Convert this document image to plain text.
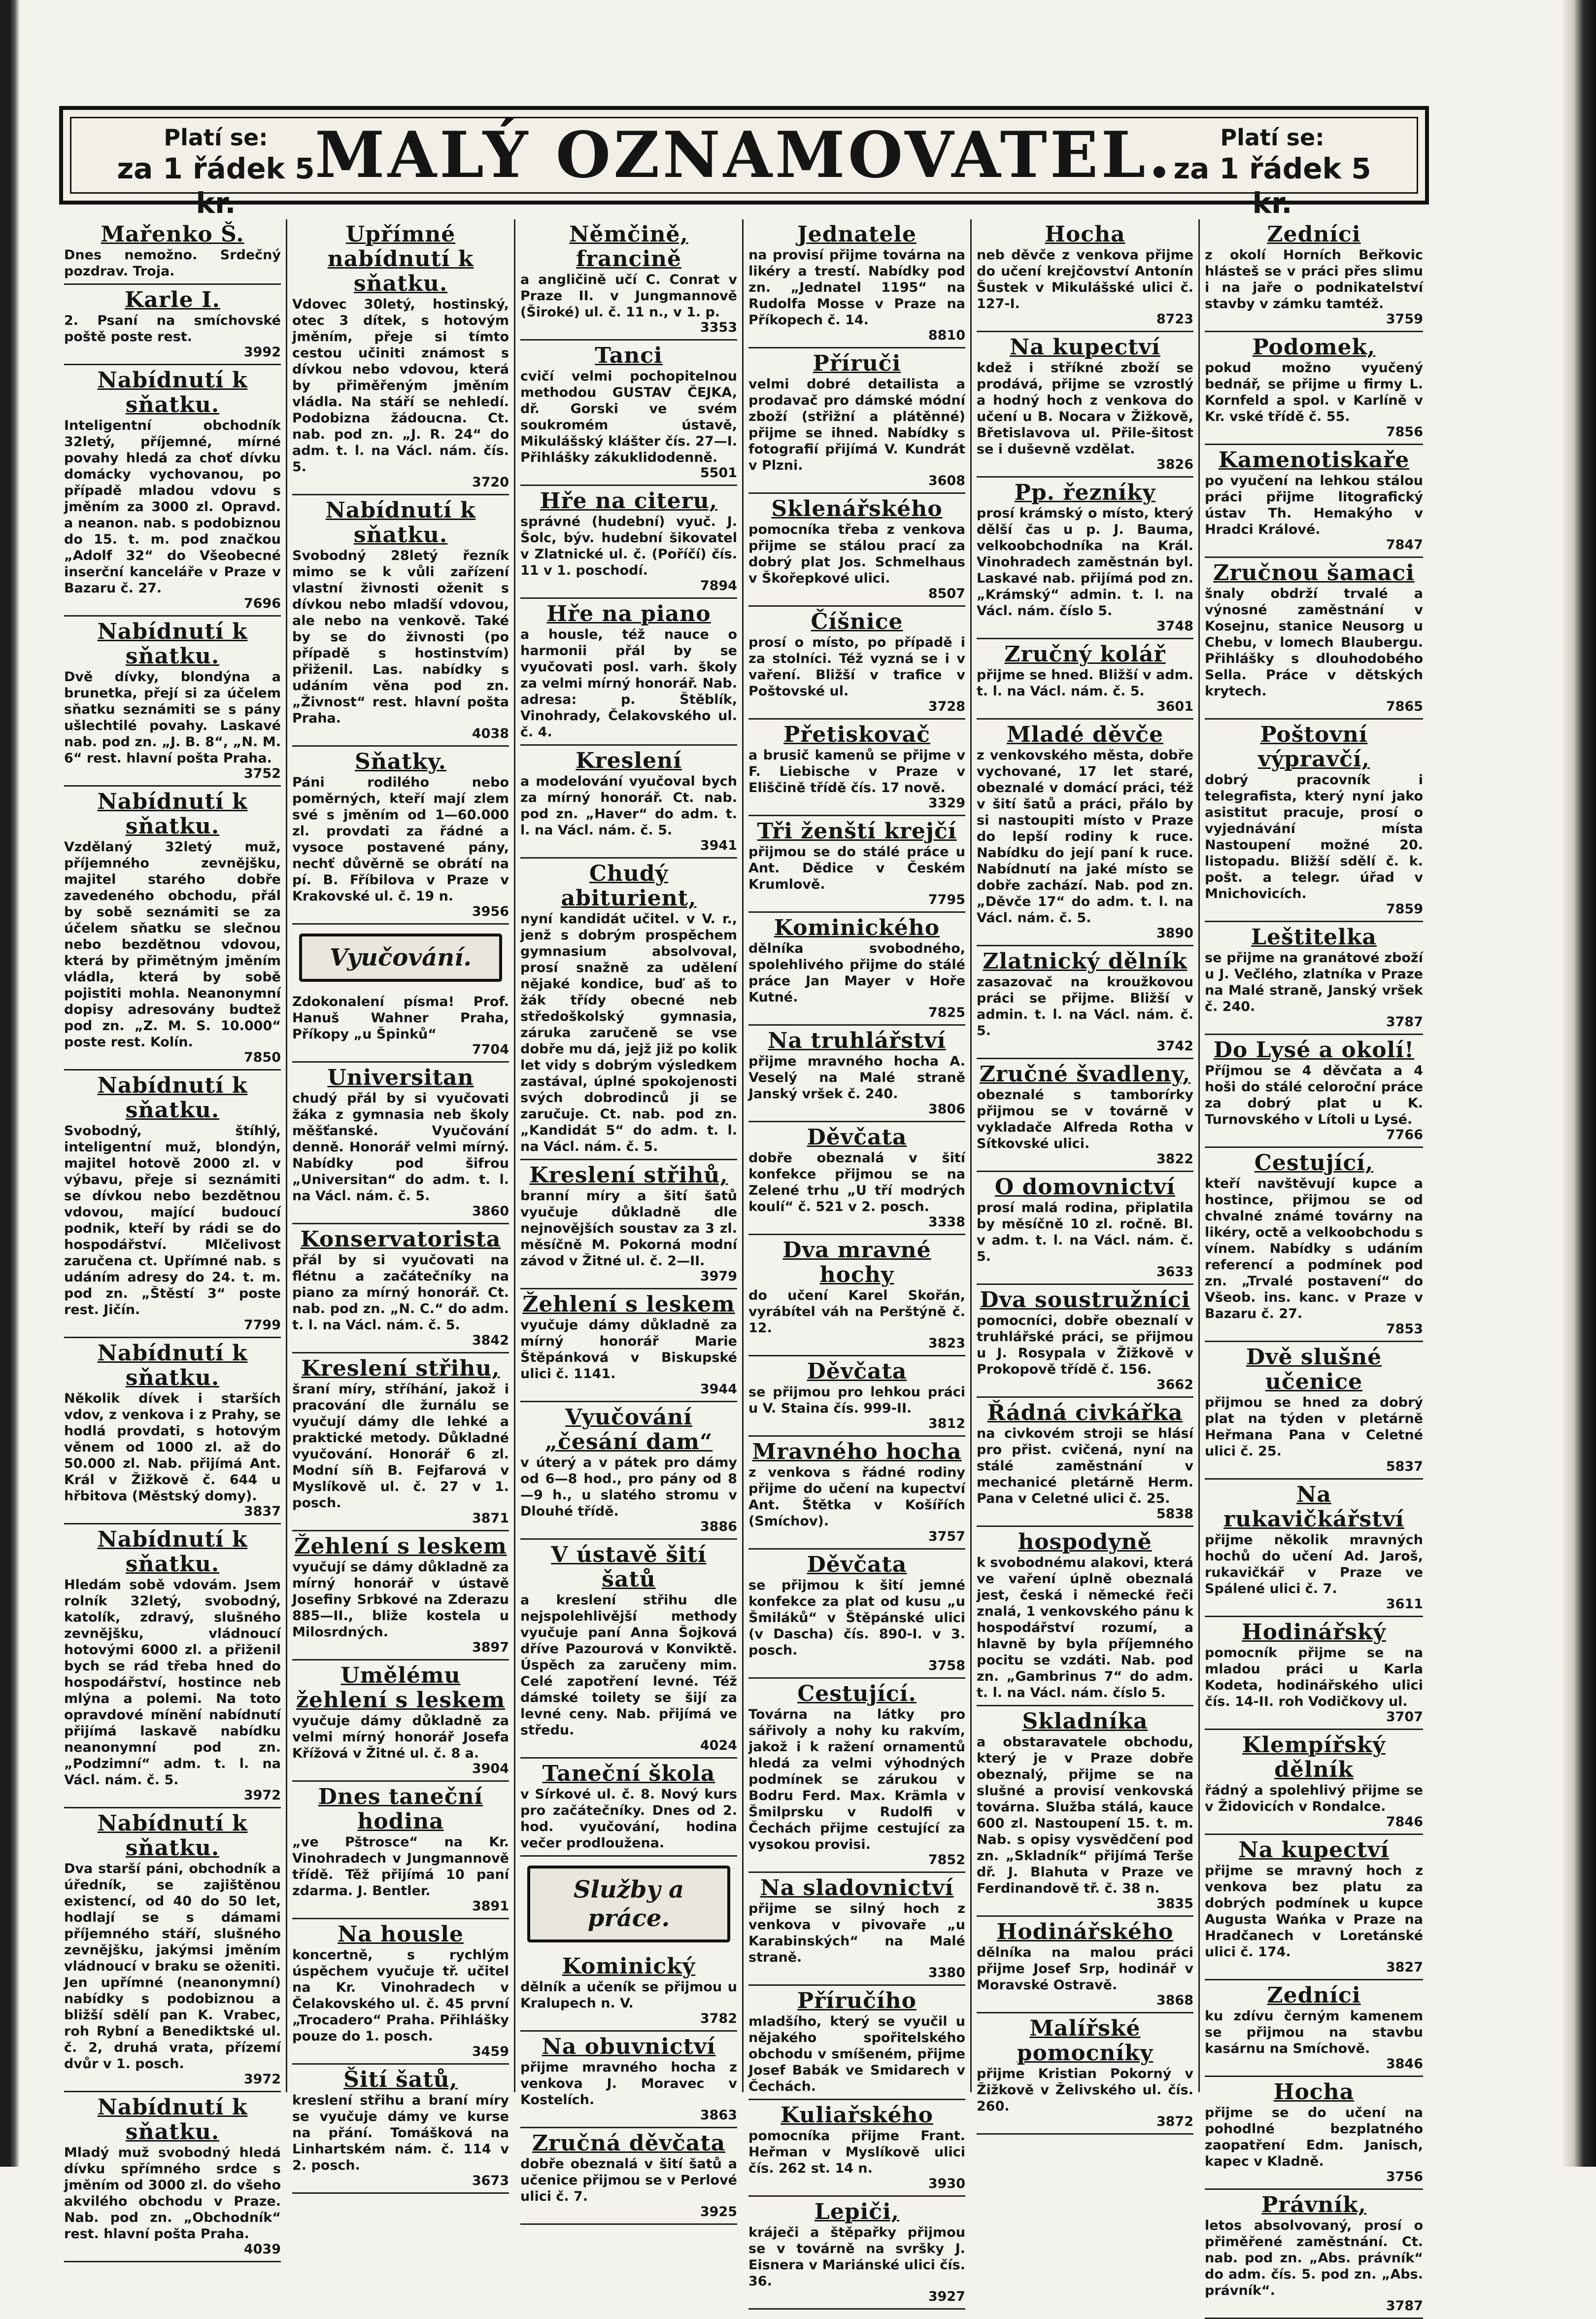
Platí se:
za 1 řádek 5 kr.
MALÝ OZNAMOVATEL.	Platí se:
za 1 řádek 5 kr.
Mařenko Š.
Dnes nemožno. Srdečný pozdrav. Troja.
Karle I.
2. Psaní na smíchovské poště poste rest.
3992
Nabídnutí k sňatku.
Inteligentní obchodník 32letý, příjemné, mírné povahy hledá za choť dívku domácky vychovanou, po případě mladou vdovu s jměním za 3000 zl. Opravd. a neanon. nab. s podobiznou do 15. t. m. pod značkou „Adolf 32“ do Všeobecné inserční kanceláře v Praze v Bazaru č. 27.
7696
Nabídnutí k sňatku.
Dvě dívky, blondýna a brunetka, přejí si za účelem sňatku seznámiti se s pány ušlechtilé povahy. Laskavé nab. pod zn. „J. B. 8“, „N. M. 6“ rest. hlavní pošta Praha.
3752
Nabídnutí k sňatku.
Vzdělaný 32letý muž, příjemného zevnějšku, majitel starého dobře zavedeného obchodu, přál by sobě seznámiti se za účelem sňatku se slečnou nebo bezdětnou vdovou, která by přimětným jměním vládla, která by sobě pojistiti mohla. Neanonymní dopisy adresovány budtež pod zn. „Z. M. S. 10.000“ poste rest. Kolín.
7850
Nabídnutí k sňatku.
Svobodný, štíhlý, inteligentní muž, blondýn, majitel hotově 2000 zl. v výbavu, přeje si seznámiti se dívkou nebo bezdětnou vdovou, mající budoucí podnik, kteří by rádi se do hospodářství. Mlčelivost zaručena ct. Upřímné nab. s udáním adresy do 24. t. m. pod zn. „Štěstí 3“ poste rest. Jičín.
7799
Nabídnutí k sňatku.
Několik dívek i starších vdov, z venkova i z Prahy, se hodlá provdati, s hotovým věnem od 1000 zl. až do 50.000 zl. Nab. přijímá Ant. Král v Žižkově č. 644 u hřbitova (Městský domy).
3837
Nabídnutí k sňatku.
Hledám sobě vdovám. Jsem rolník 32letý, svobodný, katolík, zdravý, slušného zevnějšku, vládnoucí hotovými 6000 zl. a přiženil bych se rád třeba hned do hospodářství, hostince neb mlýna a polemi. Na toto opravdové mínění nabídnutí přijímá laskavě nabídku neanonymní pod zn. „Podzimní“ adm. t. l. na Václ. nám. č. 5.
3972
Nabídnutí k sňatku.
Dva starší páni, obchodník a úředník, se zajištěnou existencí, od 40 do 50 let, hodlají se s dámami příjemného stáří, slušného zevnějšku, jakýmsi jměním vládnoucí v braku se oženiti. Jen upřímné (neanonymní) nabídky s podobiznou a bližší sdělí pan K. Vrabec, roh Rybní a Benediktské ul. č. 2, druhá vrata, přízemí dvůr v 1. posch.
3972
Nabídnutí k sňatku.
Mladý muž svobodný hledá dívku spřímného srdce s jměním od 3000 zl. do všeho akvilého obchodu v Praze. Nab. pod zn. „Obchodník“ rest. hlavní pošta Praha.
4039
Upřímné nabídnutí k sňatku.
Vdovec 30letý, hostinský, otec 3 dítek, s hotovým jměním, přeje si tímto cestou učiniti známost s dívkou nebo vdovou, která by přiměřeným jměním vládla. Na stáří se nehledí. Podobizna žádoucna. Ct. nab. pod zn. „J. R. 24“ do adm. t. l. na Václ. nám. čís. 5.
3720
Nabídnutí k sňatku.
Svobodný 28letý řezník mimo se k vůli zařízení vlastní živnosti oženit s dívkou nebo mladší vdovou, ale nebo na venkově. Také by se do živnosti (po případě s hostinstvím) přiženil. Las. nabídky s udáním věna pod zn. „Živnost“ rest. hlavní pošta Praha.
4038
Sňatky.
Páni rodilého nebo poměrných, kteří mají zlem své s jměním od 1—60.000 zl. provdati za řádné a vysoce postavené pány, nechť důvěrně se obrátí na pí. B. Fříbilova v Praze v Krakovské ul. č. 19 n.
3956
Vyučování.
Zdokonalení písma! Prof. Hanuš Wahner Praha, Příkopy „u Špinků“
7704
Universitan
chudý přál by si vyučovati žáka z gymnasia neb školy měšťanské. Vyučování denně. Honorář velmi mírný. Nabídky pod šifrou „Universitan“ do adm. t. l. na Václ. nám. č. 5.
3860
Konservatorista
přál by si vyučovati na flétnu a začátečníky na piano za mírný honorář. Ct. nab. pod zn. „N. C.“ do adm. t. l. na Václ. nám. č. 5.
3842
Kreslení střihu,
šraní míry, stříhání, jakož i pracování dle žurnálu se vyučují dámy dle lehké a praktické metody. Důkladné vyučování. Honorář 6 zl. Modní síň B. Fejfarová v Myslíkově ul. č. 27 v 1. posch.
3871
Žehlení s leskem
vyučují se dámy důkladně za mírný honorář v ústavě Josefiny Srbkové na Zderazu 885—II., bliže kostela u Milosrdných.
3897
Umělému žehlení s leskem
vyučuje dámy důkladně za velmi mírný honorář Josefa Křížová v Žitné ul. č. 8 a.
3904
Dnes taneční hodina
„ve Pštrosce“ na Kr. Vinohradech v Jungmannově třídě. Těž přijímá 10 paní zdarma. J. Bentler.
3891
Na housle
koncertně, s rychlým úspěchem vyučuje tř. učitel na Kr. Vinohradech v Čelakovského ul. č. 45 první „Trocadero“ Praha. Přihlášky pouze do 1. posch.
3459
Šití šatů,
kreslení střihu a braní míry se vyučuje dámy ve kurse na přání. Tomášková na Linhartském nám. č. 114 v 2. posch.
3673
Němčině, francině
a angličině učí C. Conrat v Praze II. v Jungmannově (Široké) ul. č. 11 n., v 1. p.
3353
Tanci
cvičí velmi pochopitelnou methodou GUSTAV ČEJKA, dř. Gorski ve svém soukromém ústavě, Mikulášský klášter čís. 27—I. Přihlášky zákuklidodenně.
5501
Hře na citeru,
správné (hudební) vyuč. J. Šolc, býv. hudební šikovatel v Zlatnické ul. č. (Poříčí) čís. 11 v 1. poschodí.
7894
Hře na piano
a housle, též nauce o harmonii přál by se vyučovati posl. varh. školy za velmi mírný honorář. Nab. adresa: p. Štěblík, Vinohrady, Čelakovského ul. č. 4.
Kreslení
a modelování vyučoval bych za mírný honorář. Ct. nab. pod zn. „Haver“ do adm. t. l. na Václ. nám. č. 5.
3941
Chudý abiturient,
nyní kandidát učitel. v V. r., jenž s dobrým prospěchem gymnasium absolvoval, prosí snažně za udělení nějaké kondice, buď aš to žák třídy obecné neb středoškolský gymnasia, záruka zaručeně se vse dobře mu dá, jejž již po kolik let vidy s dobrým výsledkem zastával, úplné spokojenosti svých dobrodinců ji se zaručuje. Ct. nab. pod zn. „Kandidát 5“ do adm. t. l. na Václ. nám. č. 5.
Kreslení střihů,
branní míry a šití šatů vyučuje důkladně dle nejnovějších soustav za 3 zl. měsíčně M. Pokorná modní závod v Žitné ul. č. 2—II.
3979
Žehlení s leskem
vyučuje dámy důkladně za mírný honorář Marie Štěpánková v Biskupské ulici č. 1141.
3944
Vyučování „česání dam“
v úterý a v pátek pro dámy od 6—8 hod., pro pány od 8—9 h., u slatého stromu v Dlouhé třídě.
3886
V ústavě šití šatů
a kreslení střihu dle nejspolehlivější methody vyučuje paní Anna Šojková dříve Pazourová v Konviktě. Úspěch za zaručeny mim. Celé zapotření levné. Též dámské toilety se šijí za levné ceny. Nab. přijímá ve středu.
4024
Taneční škola
v Sírkové ul. č. 8. Nový kurs pro začátečníky. Dnes od 2. hod. vyučování, hodina večer prodloužena.
Služby a práce.
Kominický
dělník a učeník se přijmou u Kralupech n. V.
3782
Na obuvnictví
přijme mravného hocha z venkova J. Moravec v Kostelích.
3863
Zručná děvčata
dobře obeznalá v šití šatů a učenice přijmou se v Perlové ulici č. 7.
3925
Jednatele
na provisí přijme továrna na likéry a trestí. Nabídky pod zn. „Jednatel 1195“ na Rudolfa Mosse v Praze na Příkopech č. 14.
8810
Příruči
velmi dobré detailista a prodavač pro dámské módní zboží (střižní a plátěnné) přijme se ihned. Nabídky s fotografií přijímá V. Kundrát v Plzni.
3608
Sklenářského
pomocníka třeba z venkova přijme se stálou prací za dobrý plat Jos. Schmelhaus v Škořepkové ulici.
8507
Číšnice
prosí o místo, po případě i za stolníci. Též vyzná se i v vaření. Bližší v trafice v Poštovské ul.
3728
Přetiskovač
a brusič kamenů se přijme v F. Liebische v Praze v Eliščině třídě čís. 17 nově.
3329
Tři ženští krejčí
přijmou se do stálé práce u Ant. Dědice v Českém Krumlově.
7795
Kominického
dělníka svobodného, spolehlivého přijme do stálé práce Jan Mayer v Hoře Kutné.
7825
Na truhlářství
přijme mravného hocha A. Veselý na Malé straně Janský vršek č. 240.
3806
Děvčata
dobře obeznalá v šití konfekce přijmou se na Zelené trhu „U tří modrých koulí“ č. 521 v 2. posch.
3338
Dva mravné hochy
do učení Karel Skořán, vyrábítel váh na Perštýně č. 12.
3823
Děvčata
se přijmou pro lehkou práci u V. Staina čís. 999-II.
3812
Mravného hocha
z venkova s řádné rodiny přijme do učení na kupectví Ant. Štětka v Košířích (Smíchov).
3757
Děvčata
se přijmou k šití jemné konfekce za plat od kusu „u Šmiláků“ v Štěpánské ulici (v Dascha) čís. 890-I. v 3. posch.
3758
Cestující.
Továrna na látky pro sářivoly a nohy ku rakvím, jakož i k ražení ornamentů hledá za velmi výhodných podmínek se zárukou v Bodru Ferd. Max. Krämla v Šmilprsku v Rudolfi v Čechách přijme cestující za vysokou provisi.
7852
Na sladovnictví
přijme se silný hoch z venkova v pivovaře „u Karabinských“ na Malé straně.
3380
Příručího
mladšího, který se vyučil u nějakého spořitelského obchodu v smíšeném, přijme Josef Babák ve Smidarech v Čechách.
Kuliařského
pomocníka přijme Frant. Heřman v Myslíkově ulici čís. 262 st. 14 n.
3930
Lepiči,
kráječi a štěpařky přijmou se v továrně na svršky J. Eisnera v Mariánské ulici čís. 36.
3927
Hocha
neb děvče z venkova přijme do učení krejčovství Antonín Šustek v Mikulášské ulici č. 127-I.
8723
Na kupectví
kdež i stříkné zboží se prodává, přijme se vzrostlý a hodný hoch z venkova do učení u B. Nocara v Žižkově, Břetislavova ul. Přile-šitost se i duševně vzdělat.
3826
Pp. řezníky
prosí krámský o místo, který dělší čas u p. J. Bauma, velkoobchodníka na Král. Vinohradech zaměstnán byl. Laskavé nab. přijímá pod zn. „Krámský“ admin. t. l. na Václ. nám. číslo 5.
3748
Zručný kolář
přijme se hned. Bližší v adm. t. l. na Václ. nám. č. 5.
3601
Mladé děvče
z venkovského města, dobře vychované, 17 let staré, obeznalé v domácí práci, též v šití šatů a práci, přálo by si nastoupiti místo v Praze do lepší rodiny k ruce. Nabídku do její paní k ruce. Nabídnutí na jaké místo se dobře zachází. Nab. pod zn. „Děvče 17“ do adm. t. l. na Václ. nám. č. 5.
3890
Zlatnický dělník
zasazovač na kroužkovou práci se přijme. Bližší v admin. t. l. na Václ. nám. č. 5.
3742
Zručné švadleny,
obeznalé s tamborírky přijmou se v továrně v vykladače Alfreda Rotha v Sítkovské ulici.
3822
O domovnictví
prosí malá rodina, připlatila by měsíčně 10 zl. ročně. Bl. v adm. t. l. na Václ. nám. č. 5.
3633
Dva soustružníci
pomocníci, dobře obeznalí v truhlářské práci, se přijmou u J. Rosypala v Žižkově v Prokopově třídě č. 156.
3662
Řádná civkářka
na civkovém stroji se hlásí pro přist. cvičená, nyní na stálé zaměstnání v mechanicé pletárně Herm. Pana v Celetné ulici č. 25.
5838
hospodyně
k svobodnému alakovi, která ve vaření úplně obeznalá jest, česká i německé řeči znalá, 1 venkovského pánu k hospodářství rozumí, a hlavně by byla příjemného pocitu se vzdáti. Nab. pod zn. „Gambrinus 7“ do adm. t. l. na Václ. nám. číslo 5.
Skladníka
a obstaravatele obchodu, který je v Praze dobře obeznalý, přijme se na slušné a provisí venkovská továrna. Služba stálá, kauce 600 zl. Nastoupení 15. t. m. Nab. s opisy vysvědčení pod zn. „Skladník“ přijímá Terše dř. J. Blahuta v Praze ve Ferdinandově tř. č. 38 n.
3835
Hodinářského
dělníka na malou práci přijme Josef Srp, hodinář v Moravské Ostravě.
3868
Malířské pomocníky
přijme Kristian Pokorný v Žižkově v Želivského ul. čís. 260.
3872
Zedníci
z okolí Horních Beřkovic hlásteš se v práci přes slimu i na jaře o podnikatelství stavby v zámku tamtéž.
3759
Podomek,
pokud možno vyučený bednář, se přijme u firmy L. Kornfeld a spol. v Karlíně v Kr. vské třídě č. 55.
7856
Kamenotiskaře
po vyučení na lehkou stálou práci přijme litografický ústav Th. Hemakýho v Hradci Králové.
7847
Zručnou šamaci
šnaly obdrží trvalé a výnosné zaměstnání v Kosejnu, stanice Neusorg u Chebu, v lomech Blaubergu. Přihlášky s dlouhodobého Sella. Práce v dětských krytech.
7865
Poštovní výpravčí,
dobrý pracovník i telegrafista, který nyní jako asistitut pracuje, prosí o vyjednávání místa Nastoupení možné 20. listopadu. Bližší sdělí č. k. pošt. a telegr. úřad v Mnichovicích.
7859
Leštitelka
se přijme na granátové zboží u J. Večlého, zlatníka v Praze na Malé straně, Janský vršek č. 240.
3787
Do Lysé a okolí!
Příjmou se 4 děvčata a 4 hoši do stálé celoroční práce za dobrý plat u K. Turnovského v Lítoli u Lysé.
7766
Cestující,
kteří navštěvují kupce a hostince, přijmou se od chvalné známé továrny na likéry, octě a velkoobchodu s vínem. Nabídky s udáním referencí a podmínek pod zn. „Trvalé postavení“ do Všeob. ins. kanc. v Praze v Bazaru č. 27.
7853
Dvě slušné učenice
přijmou se hned za dobrý plat na týden v pletárně Heřmana Pana v Celetné ulici č. 25.
5837
Na rukavičkářství
přijme několik mravných hochů do učení Ad. Jaroš, rukavičkář v Praze ve Spálené ulici č. 7.
3611
Hodinářský
pomocník přijme se na mladou práci u Karla Kodeta, hodinářského ulici čís. 14-II. roh Vodičkovy ul.
3707
Klempířský dělník
řádný a spolehlivý přijme se v Židovicích v Rondalce.
7846
Na kupectví
přijme se mravný hoch z venkova bez platu za dobrých podmínek u kupce Augusta Wańka v Praze na Hradčanech v Loretánské ulici č. 174.
3827
Zedníci
ku zdívu černým kamenem se přijmou na stavbu kasárnu na Smíchově.
3846
Hocha
přijme se do učení na pohodlné bezplatného zaopatření Edm. Janisch, kapec v Kladně.
3756
Právník,
letos absolvovaný, prosí o přiměřené zaměstnání. Ct. nab. pod zn. „Abs. právník“ do adm. čís. 5. pod zn. „Abs. právník“.
3787
